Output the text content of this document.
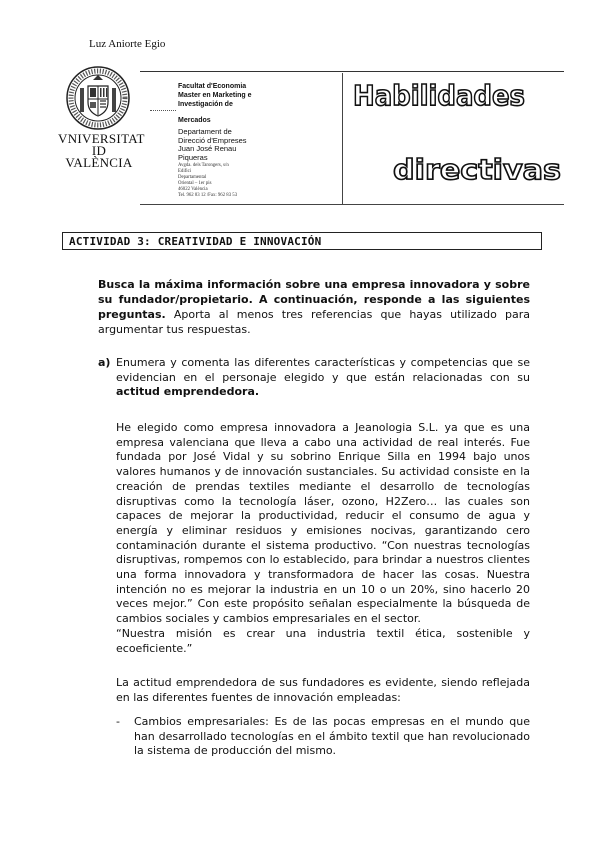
Luz Aniorte Egio
VNIVERSITAT
ID VALÈNCIA
Facultat d'Economia
Master en Marketing e
Investigación de
Mercados
Departament de
Direcció d'Empreses
Juan José Renau
Piqueras
Avgda. dels Tarongers, s/n
Edifici
Departamental
Oriental – 1er pis
46022 València
Tel. 962 83 12 /Fax: 962 83 53
Habilidades
directivas
ACTIVIDAD 3: CREATIVIDAD E INNOVACIÓN
Busca la máxima información sobre una empresa innovadora y sobre su fundador/propietario. A continuación, responde a las siguientes preguntas. Aporta al menos tres referencias que hayas utilizado para argumentar tus respuestas.
a) Enumera y comenta las diferentes características y competencias que se evidencian en el personaje elegido y que están relacionadas con su actitud emprendedora.
He elegido como empresa innovadora a Jeanologia S.L. ya que es una empresa valenciana que lleva a cabo una actividad de real interés. Fue fundada por José Vidal y su sobrino Enrique Silla en 1994 bajo unos valores humanos y de innovación sustanciales. Su actividad consiste en la creación de prendas textiles mediante el desarrollo de tecnologías disruptivas como la tecnología láser, ozono, H2Zero… las cuales son capaces de mejorar la productividad, reducir el consumo de agua y energía y eliminar residuos y emisiones nocivas, garantizando cero contaminación durante el sistema productivo. “Con nuestras tecnologías disruptivas, rompemos con lo establecido, para brindar a nuestros clientes una forma innovadora y transformadora de hacer las cosas. Nuestra intención no es mejorar la industria en un 10 o un 20%, sino hacerlo 20 veces mejor.” Con este propósito señalan especialmente la búsqueda de cambios sociales y cambios empresariales en el sector.
“Nuestra misión es crear una industria textil ética, sostenible y ecoeficiente.”
La actitud emprendedora de sus fundadores es evidente, siendo reflejada en las diferentes fuentes de innovación empleadas:
- Cambios empresariales: Es de las pocas empresas en el mundo que han desarrollado tecnologías en el ámbito textil que han revolucionado la sistema de producción del mismo.
